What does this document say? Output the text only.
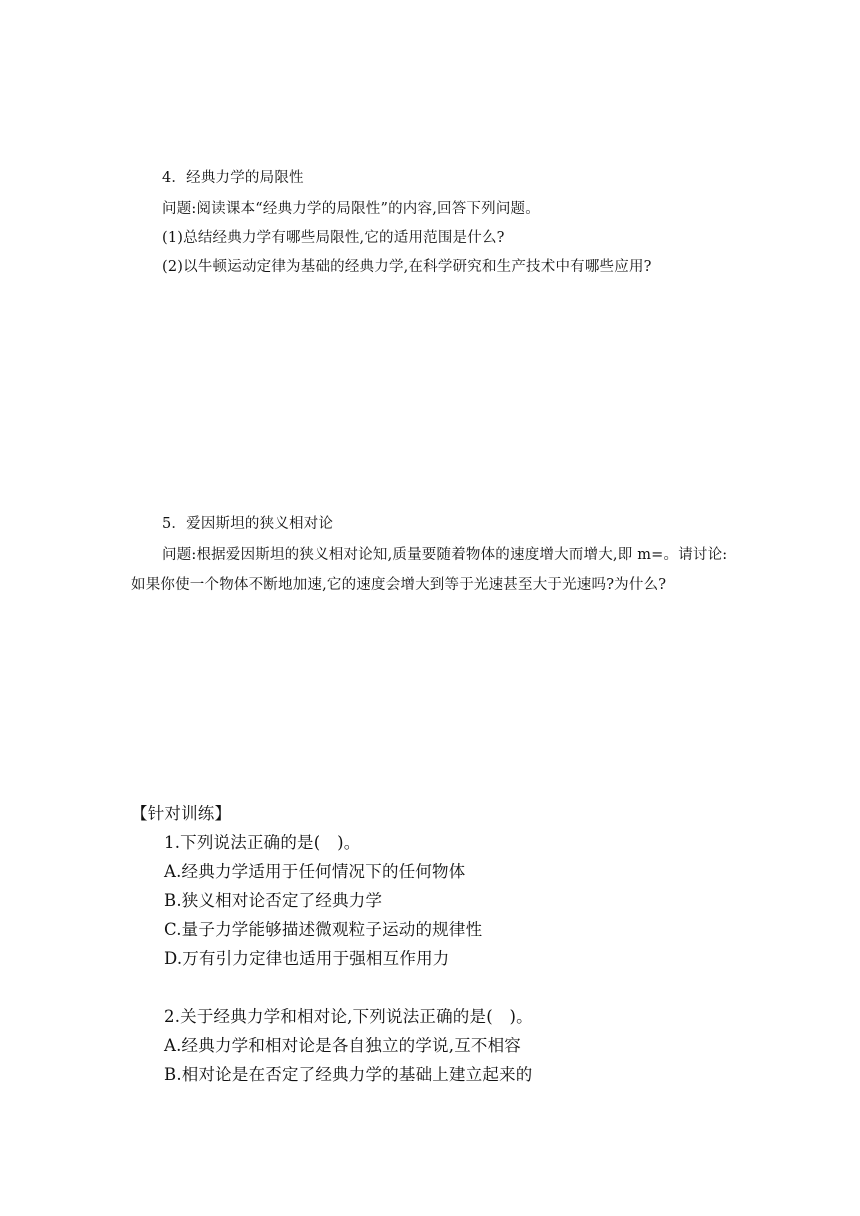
4．经典力学的局限性
问题:阅读课本“经典力学的局限性”的内容,回答下列问题。
(1)总结经典力学有哪些局限性,它的适用范围是什么?
(2)以牛顿运动定律为基础的经典力学,在科学研究和生产技术中有哪些应用?
5．爱因斯坦的狭义相对论
问题:根据爱因斯坦的狭义相对论知,质量要随着物体的速度增大而增大,即 m=。请讨论:
如果你使一个物体不断地加速,它的速度会增大到等于光速甚至大于光速吗?为什么?
【针对训练】
1.下列说法正确的是(　)。
A.经典力学适用于任何情况下的任何物体
B.狭义相对论否定了经典力学
C.量子力学能够描述微观粒子运动的规律性
D.万有引力定律也适用于强相互作用力
2.关于经典力学和相对论,下列说法正确的是(　)。
A.经典力学和相对论是各自独立的学说,互不相容
B.相对论是在否定了经典力学的基础上建立起来的
